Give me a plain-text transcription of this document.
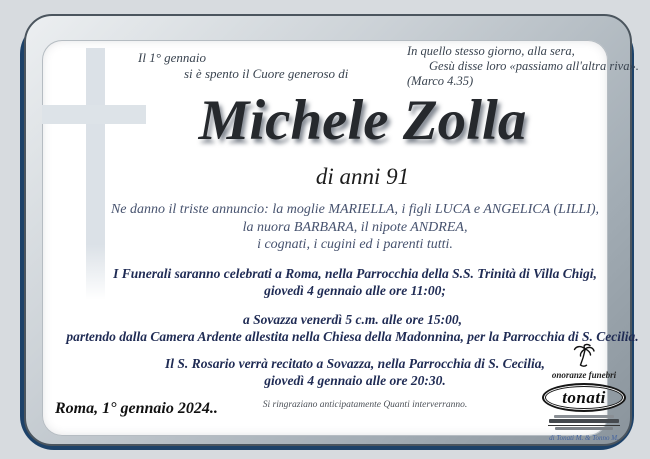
Il 1° gennaio
si è spento il Cuore generoso di
In quello stesso giorno, alla sera,
Gesù disse loro «passiamo all'altra riva».
(Marco 4.35)
Michele Zolla
di anni 91
Ne danno il triste annuncio: la moglie MARIELLA, i figli LUCA e ANGELICA (LILLI),
la nuora BARBARA, il nipote ANDREA,
i cognati, i cugini ed i parenti tutti.
I Funerali saranno celebrati a Roma, nella Parrocchia della S.S. Trinità di Villa Chigi,
giovedì 4 gennaio alle ore 11:00;
a Sovazza venerdì 5 c.m. alle ore 15:00,
partendo dalla Camera Ardente allestita nella Chiesa della Madonnina, per la Parrocchia di S. Cecilia.
Il S. Rosario verrà recitato a Sovazza, nella Parrocchia di S. Cecilia,
giovedì 4 gennaio alle ore 20:30.
Si ringraziano anticipatamente Quanti interverranno.
Roma, 1° gennaio 2024..
onoranze funebri
tonati
di Tonati M. & Tonno M.
